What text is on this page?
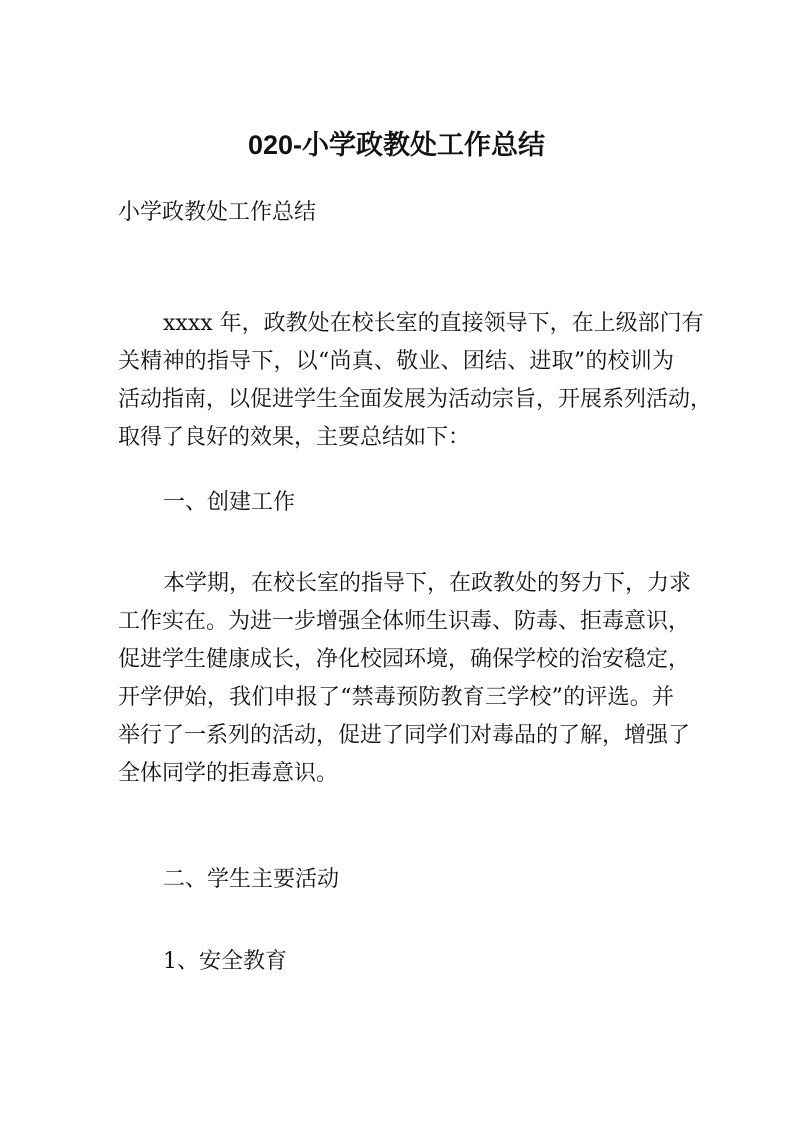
020-小学政教处工作总结
小学政教处工作总结
xxxx 年，政教处在校长室的直接领导下，在上级部门有
关精神的指导下，以“尚真、敬业、团结、进取”的校训为
活动指南，以促进学生全面发展为活动宗旨，开展系列活动，
取得了良好的效果，主要总结如下：
一、创建工作
本学期，在校长室的指导下，在政教处的努力下，力求
工作实在。为进一步增强全体师生识毒、防毒、拒毒意识，
促进学生健康成长，净化校园环境，确保学校的治安稳定，
开学伊始，我们申报了“禁毒预防教育三学校”的评选。并
举行了一系列的活动，促进了同学们对毒品的了解，增强了
全体同学的拒毒意识。
二、学生主要活动
1、安全教育
